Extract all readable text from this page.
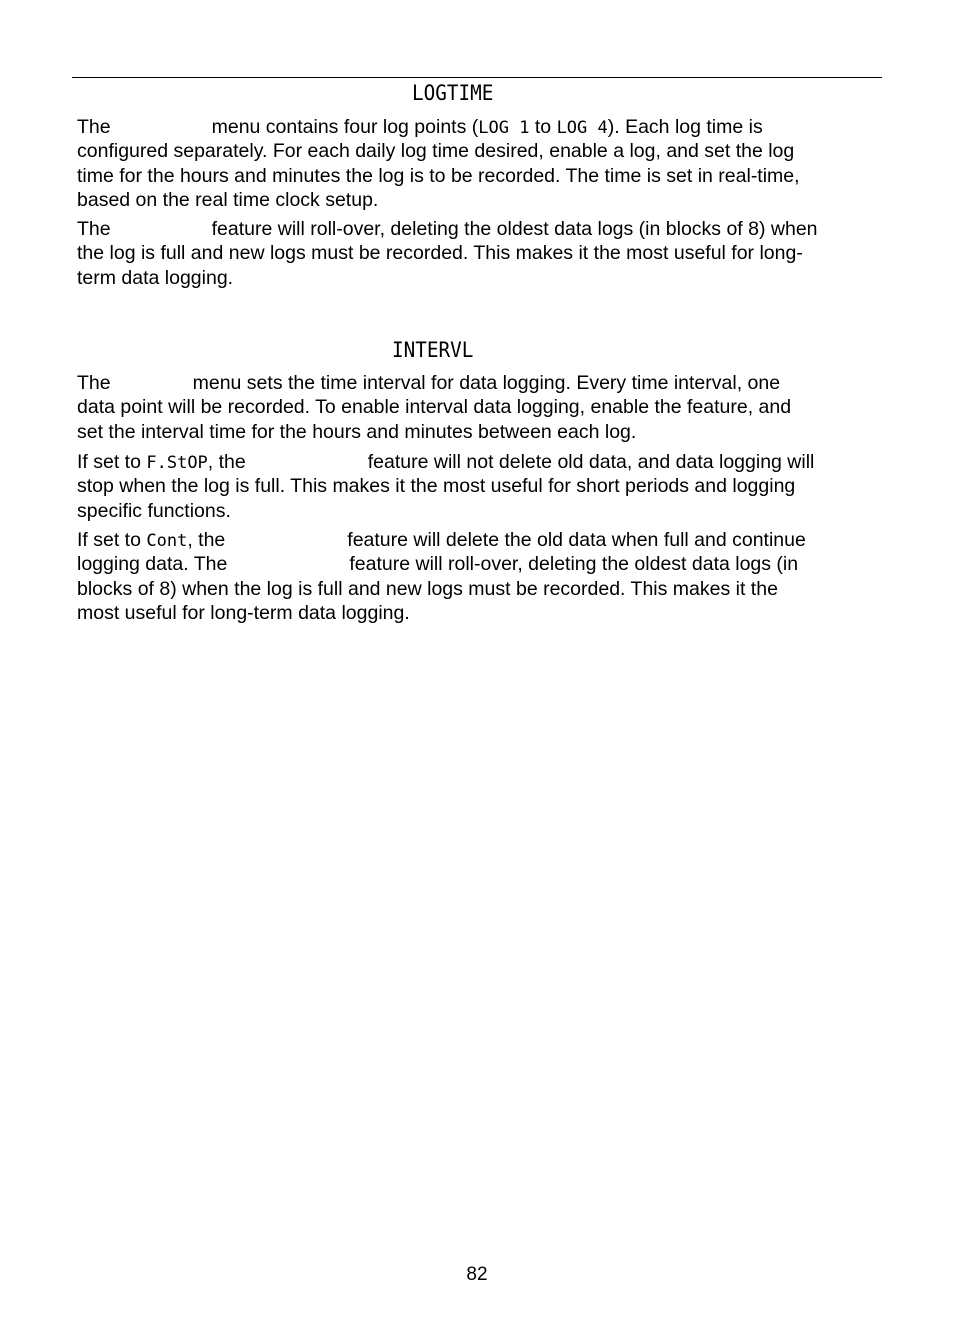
LOGTIME
The	menu contains four log points (LOG 1 to LOG 4). Each log time is
configured separately. For each daily log time desired, enable a log, and set the log
time for the hours and minutes the log is to be recorded. The time is set in real-time,
based on the real time clock setup.
The	feature will roll-over, deleting the oldest data logs (in blocks of 8) when
the log is full and new logs must be recorded. This makes it the most useful for long-
term data logging.
INTERVL
The	menu sets the time interval for data logging. Every time interval, one
data point will be recorded. To enable interval data logging, enable the feature, and
set the interval time for the hours and minutes between each log.
If set to F.StOP, the	feature will not delete old data, and data logging will
stop when the log is full. This makes it the most useful for short periods and logging
specific functions.
If set to Cont, the	feature will delete the old data when full and continue
logging data. The	feature will roll-over, deleting the oldest data logs (in
blocks of 8) when the log is full and new logs must be recorded. This makes it the
most useful for long-term data logging.
82
